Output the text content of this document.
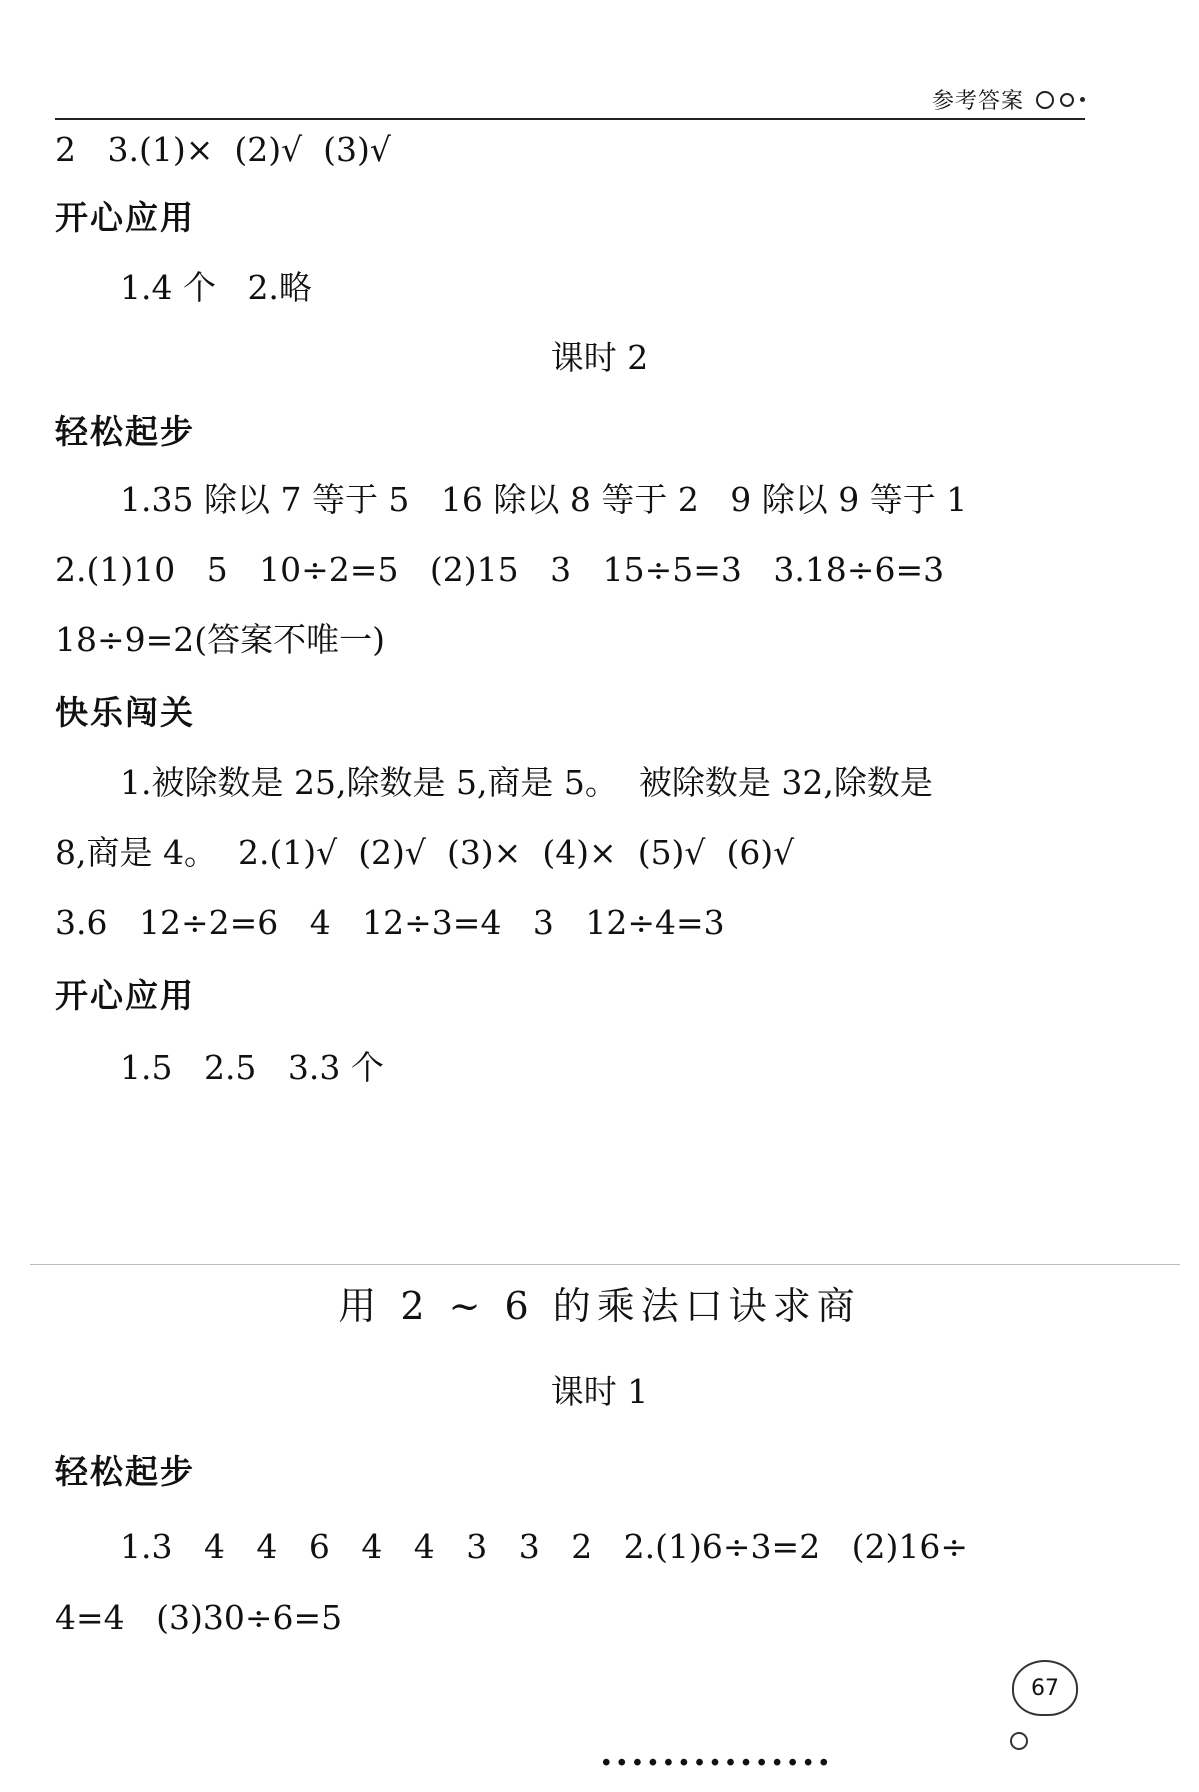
参考答案
2   3.(1)×  (2)√  (3)√
开心应用
1.4 个   2.略
课时 2
轻松起步
1.35 除以 7 等于 5   16 除以 8 等于 2   9 除以 9 等于 1
2.(1)10   5   10÷2=5   (2)15   3   15÷5=3   3.18÷6=3
18÷9=2(答案不唯一)
快乐闯关
1.被除数是 25,除数是 5,商是 5。  被除数是 32,除数是
8,商是 4。  2.(1)√  (2)√  (3)×  (4)×  (5)√  (6)√
3.6   12÷2=6   4   12÷3=4   3   12÷4=3
开心应用
1.5   2.5   3.3 个
用 2 ~ 6 的乘法口诀求商
课时 1
轻松起步
1.3   4   4   6   4   4   3   3   2   2.(1)6÷3=2   (2)16÷
4=4   (3)30÷6=5
...............
67
